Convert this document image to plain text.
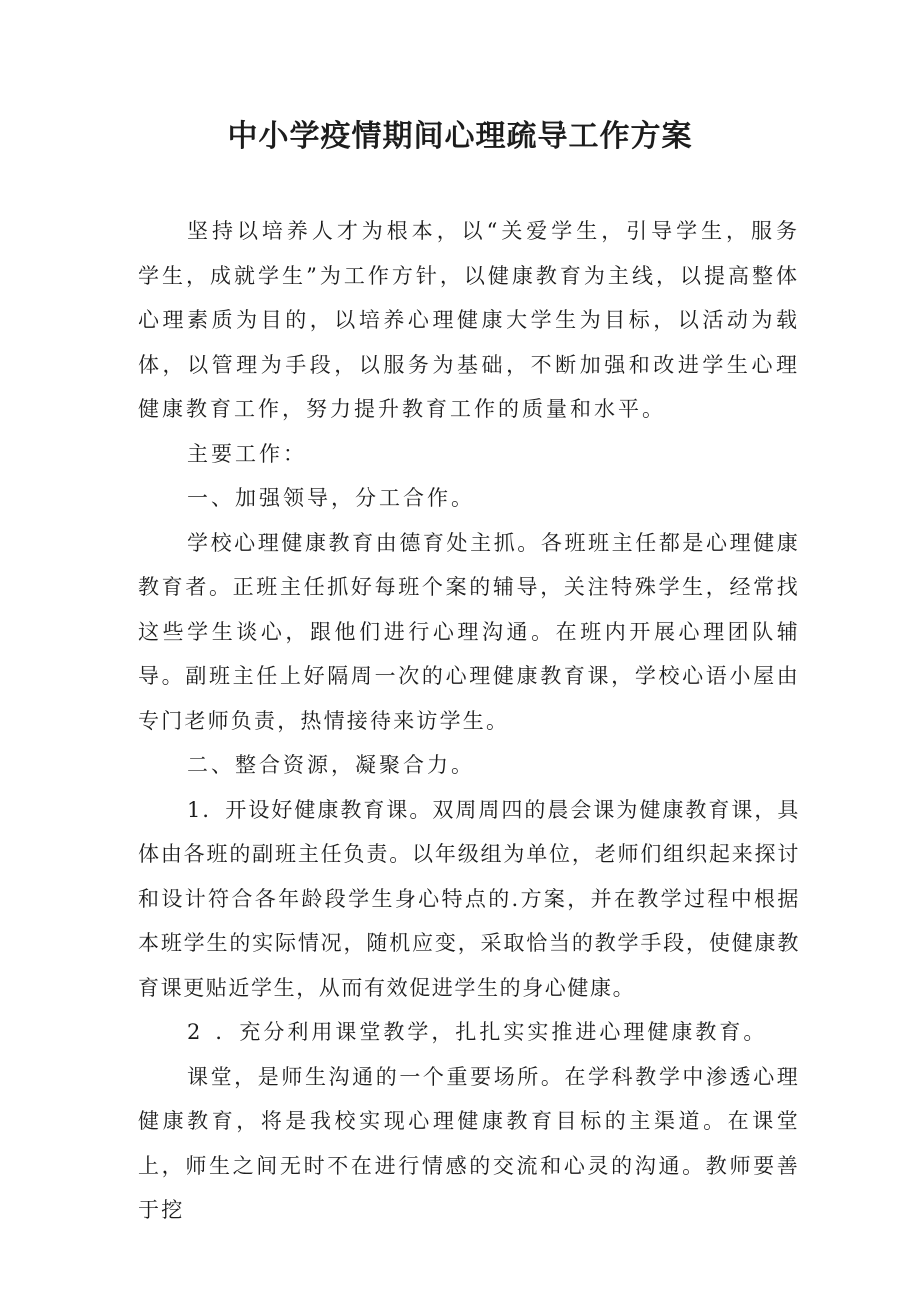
中小学疫情期间心理疏导工作方案

坚持以培养人才为根本，以“关爱学生，引导学生，服务学生，成就学生”为工作方针，以健康教育为主线，以提高整体心理素质为目的，以培养心理健康大学生为目标，以活动为载体，以管理为手段，以服务为基础，不断加强和改进学生心理健康教育工作，努力提升教育工作的质量和水平。

主要工作：

一、加强领导，分工合作。

学校心理健康教育由德育处主抓。各班班主任都是心理健康教育者。正班主任抓好每班个案的辅导，关注特殊学生，经常找这些学生谈心，跟他们进行心理沟通。在班内开展心理团队辅导。副班主任上好隔周一次的心理健康教育课，学校心语小屋由专门老师负责，热情接待来访学生。

二、整合资源，凝聚合力。

1．开设好健康教育课。双周周四的晨会课为健康教育课，具体由各班的副班主任负责。以年级组为单位，老师们组织起来探讨和设计符合各年龄段学生身心特点的.方案，并在教学过程中根据本班学生的实际情况，随机应变，采取恰当的教学手段，使健康教育课更贴近学生，从而有效促进学生的身心健康。

2	．充分利用课堂教学，扎扎实实推进心理健康教育。

课堂，是师生沟通的一个重要场所。在学科教学中渗透心理健康教育，将是我校实现心理健康教育目标的主渠道。在课堂上，师生之间无时不在进行情感的交流和心灵的沟通。教师要善于挖
